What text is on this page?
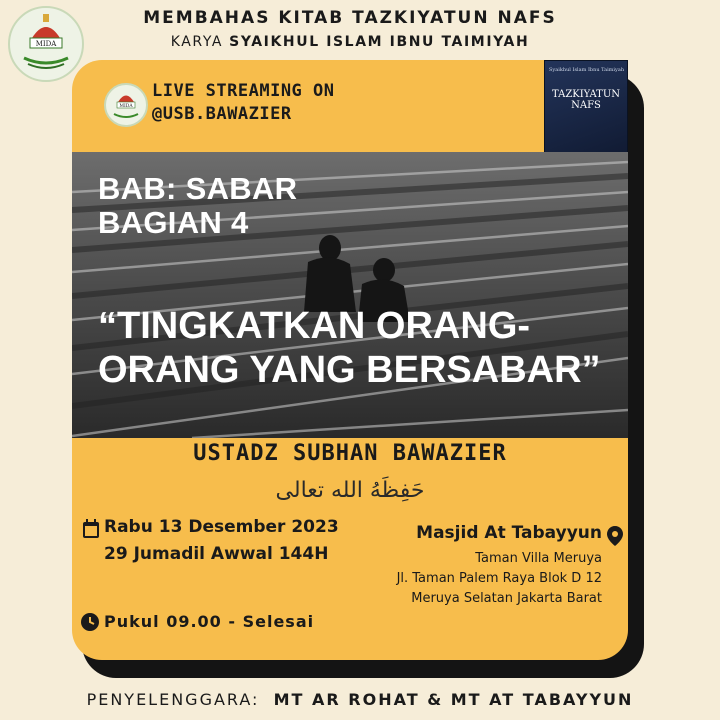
MIDA
MEMBAHAS KITAB TAZKIYATUN NAFS
KARYA SYAIKHUL ISLAM IBNU TAIMIYAH
MIDA
LIVE STREAMING ON
@USB.BAWAZIER
Syaikhul Islam Ibnu Taimiyah
TAZKIYATUN
NAFS
BAB: SABAR
BAGIAN 4
“TINGKATKAN ORANG-
ORANG YANG BERSABAR”
USTADZ SUBHAN BAWAZIER
حَفِظَهُ الله تعالى
Rabu 13 Desember 2023
29 Jumadil Awwal 144H
Masjid At Tabayyun
Taman Villa Meruya
Jl. Taman Palem Raya Blok D 12
Meruya Selatan Jakarta Barat
Pukul 09.00 - Selesai
PENYELENGGARA: MT AR ROHAT & MT AT TABAYYUN
